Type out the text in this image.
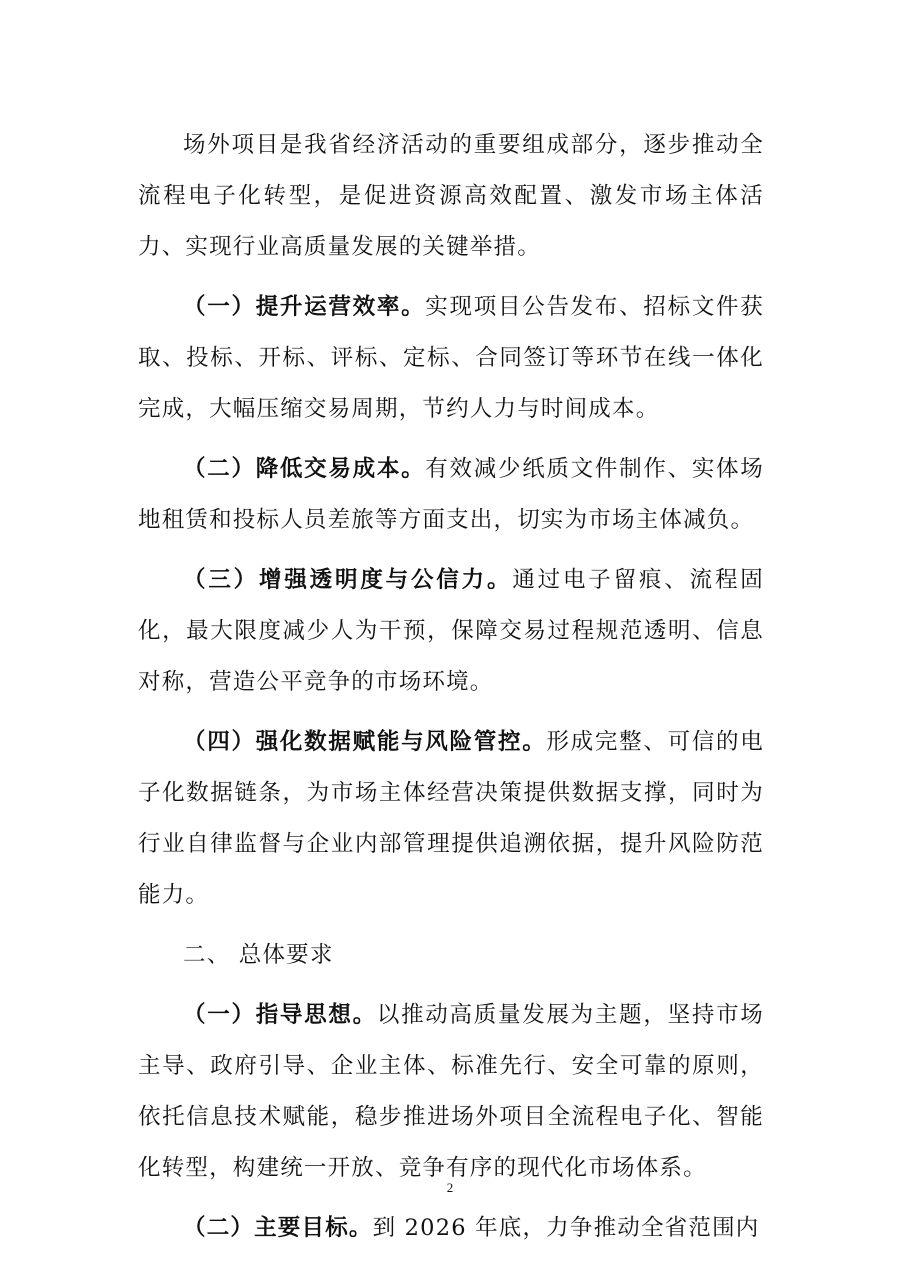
场外项目是我省经济活动的重要组成部分，逐步推动全流程电子化转型，是促进资源高效配置、激发市场主体活力、实现行业高质量发展的关键举措。

（一）提升运营效率。实现项目公告发布、招标文件获取、投标、开标、评标、定标、合同签订等环节在线一体化完成，大幅压缩交易周期，节约人力与时间成本。

（二）降低交易成本。有效减少纸质文件制作、实体场地租赁和投标人员差旅等方面支出，切实为市场主体减负。

（三）增强透明度与公信力。通过电子留痕、流程固化，最大限度减少人为干预，保障交易过程规范透明、信息对称，营造公平竞争的市场环境。

（四）强化数据赋能与风险管控。形成完整、可信的电子化数据链条，为市场主体经营决策提供数据支撑，同时为行业自律监督与企业内部管理提供追溯依据，提升风险防范能力。

二、 总体要求

（一）指导思想。以推动高质量发展为主题，坚持市场主导、政府引导、企业主体、标准先行、安全可靠的原则，依托信息技术赋能，稳步推进场外项目全流程电子化、智能化转型，构建统一开放、竞争有序的现代化市场体系。

（二）主要目标。到 2026 年底，力争推动全省范围内

2
